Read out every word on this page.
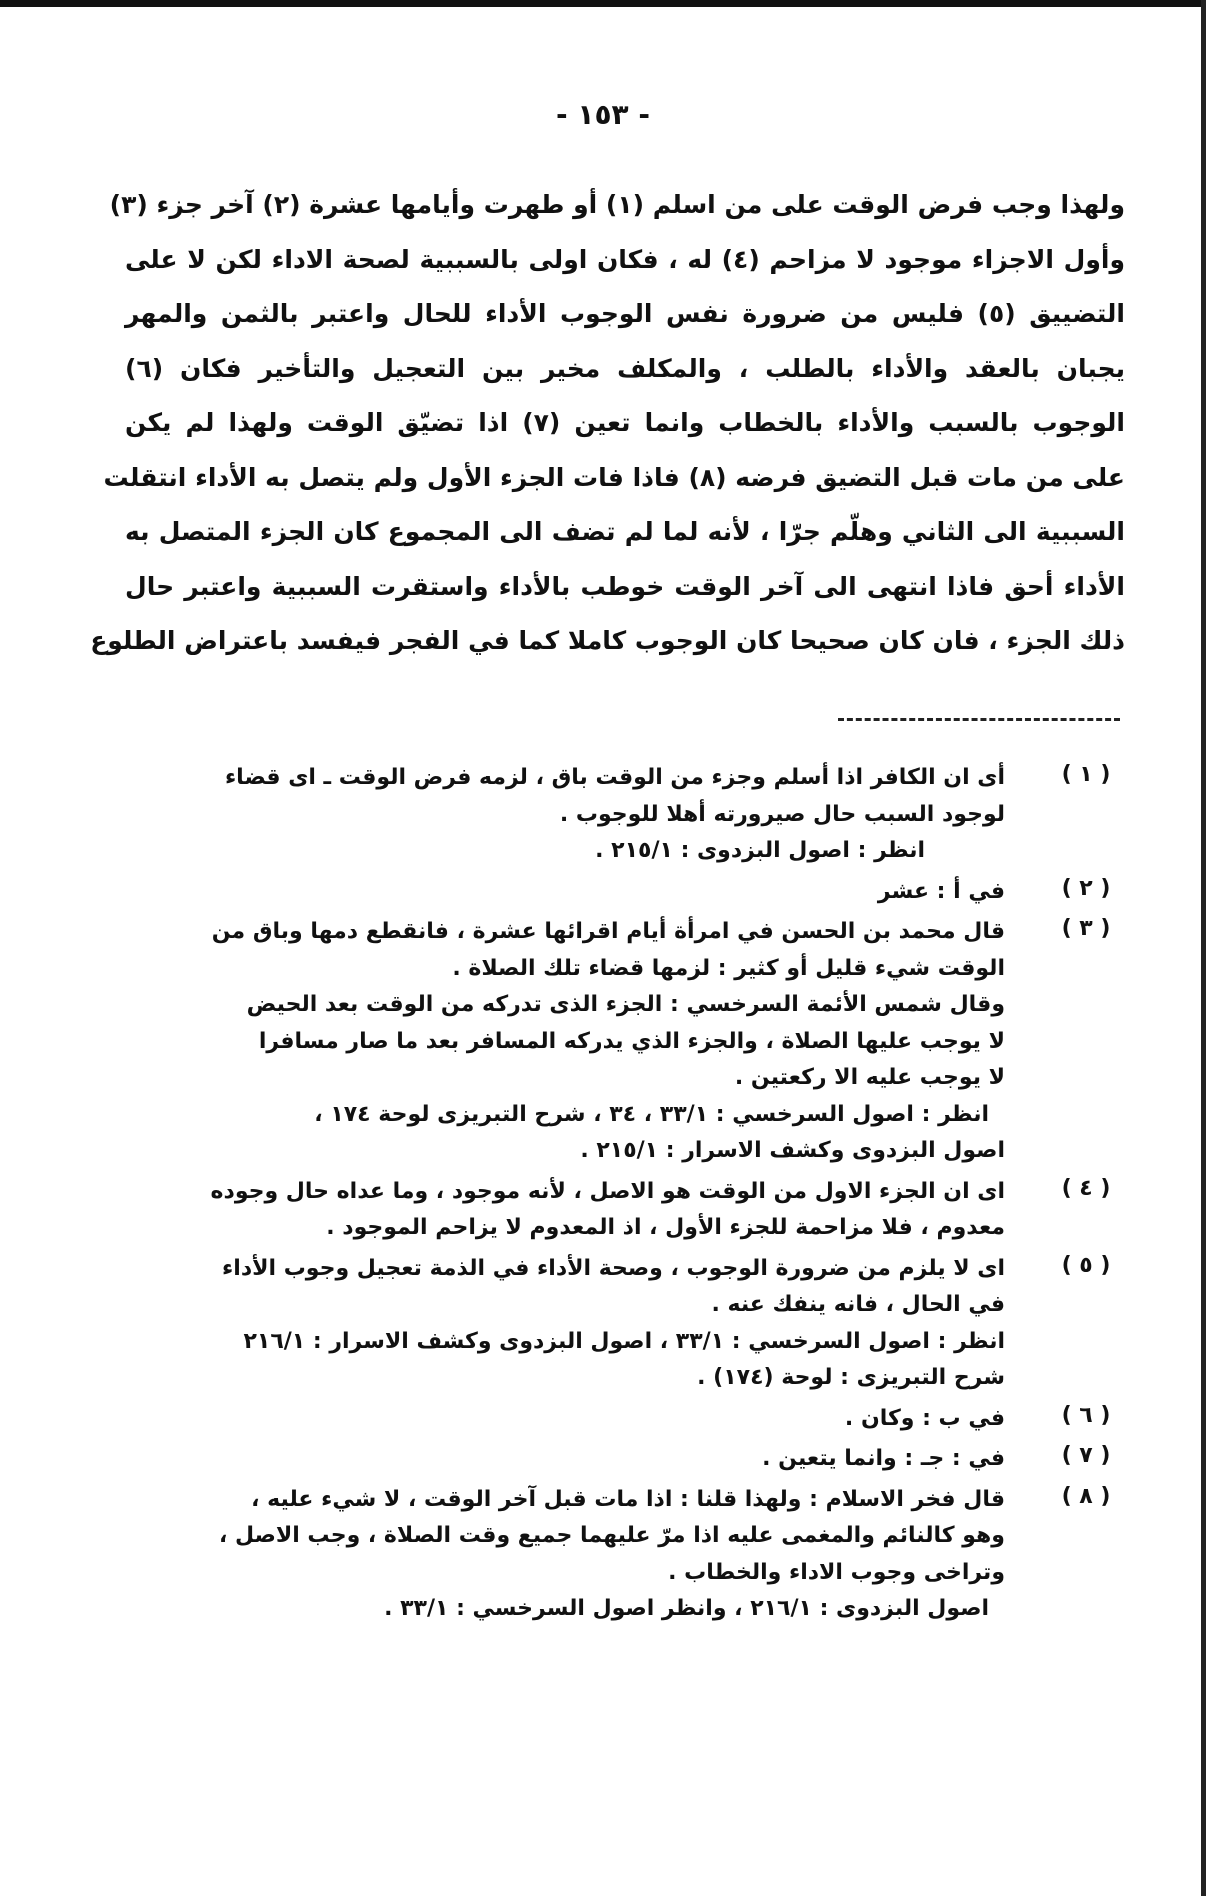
- ١٥٣ -
ولهذا وجب فرض الوقت على من اسلم (١) أو طهرت وأيامها عشرة (٢) آخر جزء (٣)
وأول الاجزاء موجود لا مزاحم (٤) له ، فكان اولى بالسببية لصحة الاداء لكن لا على
التضييق (٥) فليس من ضرورة نفس الوجوب الأداء للحال واعتبر بالثمن والمهر
يجبان بالعقد والأداء بالطلب ، والمكلف مخير بين التعجيل والتأخير فكان (٦)
الوجوب بالسبب والأداء بالخطاب وانما تعين (٧) اذا تضيّق الوقت ولهذا لم يكن
على من مات قبل التضيق فرضه (٨) فاذا فات الجزء الأول ولم يتصل به الأداء انتقلت
السببية الى الثاني وهلّم جرّا ، لأنه لما لم تضف الى المجموع كان الجزء المتصل به
الأداء أحق فاذا انتهى الى آخر الوقت خوطب بالأداء واستقرت السببية واعتبر حال
ذلك الجزء ، فان كان صحيحا كان الوجوب كاملا كما في الفجر فيفسد باعتراض الطلوع
( ١ )
أى ان الكافر اذا أسلم وجزء من الوقت باق ، لزمه فرض الوقت ـ اى قضاء
لوجود السبب حال صيرورته أهلا للوجوب .
انظر : اصول البزدوى : ٢١٥/١ .
( ٢ )
في أ : عشر
( ٣ )
قال محمد بن الحسن في امرأة أيام اقرائها عشرة ، فانقطع دمها وباق من
الوقت شيء قليل أو كثير : لزمها قضاء تلك الصلاة .
وقال شمس الأئمة السرخسي : الجزء الذى تدركه من الوقت بعد الحيض
لا يوجب عليها الصلاة ، والجزء الذي يدركه المسافر بعد ما صار مسافرا
لا يوجب عليه الا ركعتين .
انظر : اصول السرخسي : ٣٣/١ ، ٣٤ ، شرح التبريزى لوحة ١٧٤ ،
اصول البزدوى وكشف الاسرار : ٢١٥/١ .
( ٤ )
اى ان الجزء الاول من الوقت هو الاصل ، لأنه موجود ، وما عداه حال وجوده
معدوم ، فلا مزاحمة للجزء الأول ، اذ المعدوم لا يزاحم الموجود .
( ٥ )
اى لا يلزم من ضرورة الوجوب ، وصحة الأداء في الذمة تعجيل وجوب الأداء
في الحال ، فانه ينفك عنه .
انظر : اصول السرخسي : ٣٣/١ ، اصول البزدوى وكشف الاسرار : ٢١٦/١
شرح التبريزى : لوحة (١٧٤) .
( ٦ )
في ب : وكان .
( ٧ )
في : جـ : وانما يتعين .
( ٨ )
قال فخر الاسلام : ولهذا قلنا : اذا مات قبل آخر الوقت ، لا شيء عليه ،
وهو كالنائم والمغمى عليه اذا مرّ عليهما جميع وقت الصلاة ، وجب الاصل ،
وتراخى وجوب الاداء والخطاب .
اصول البزدوى : ٢١٦/١ ، وانظر اصول السرخسي : ٣٣/١ .
